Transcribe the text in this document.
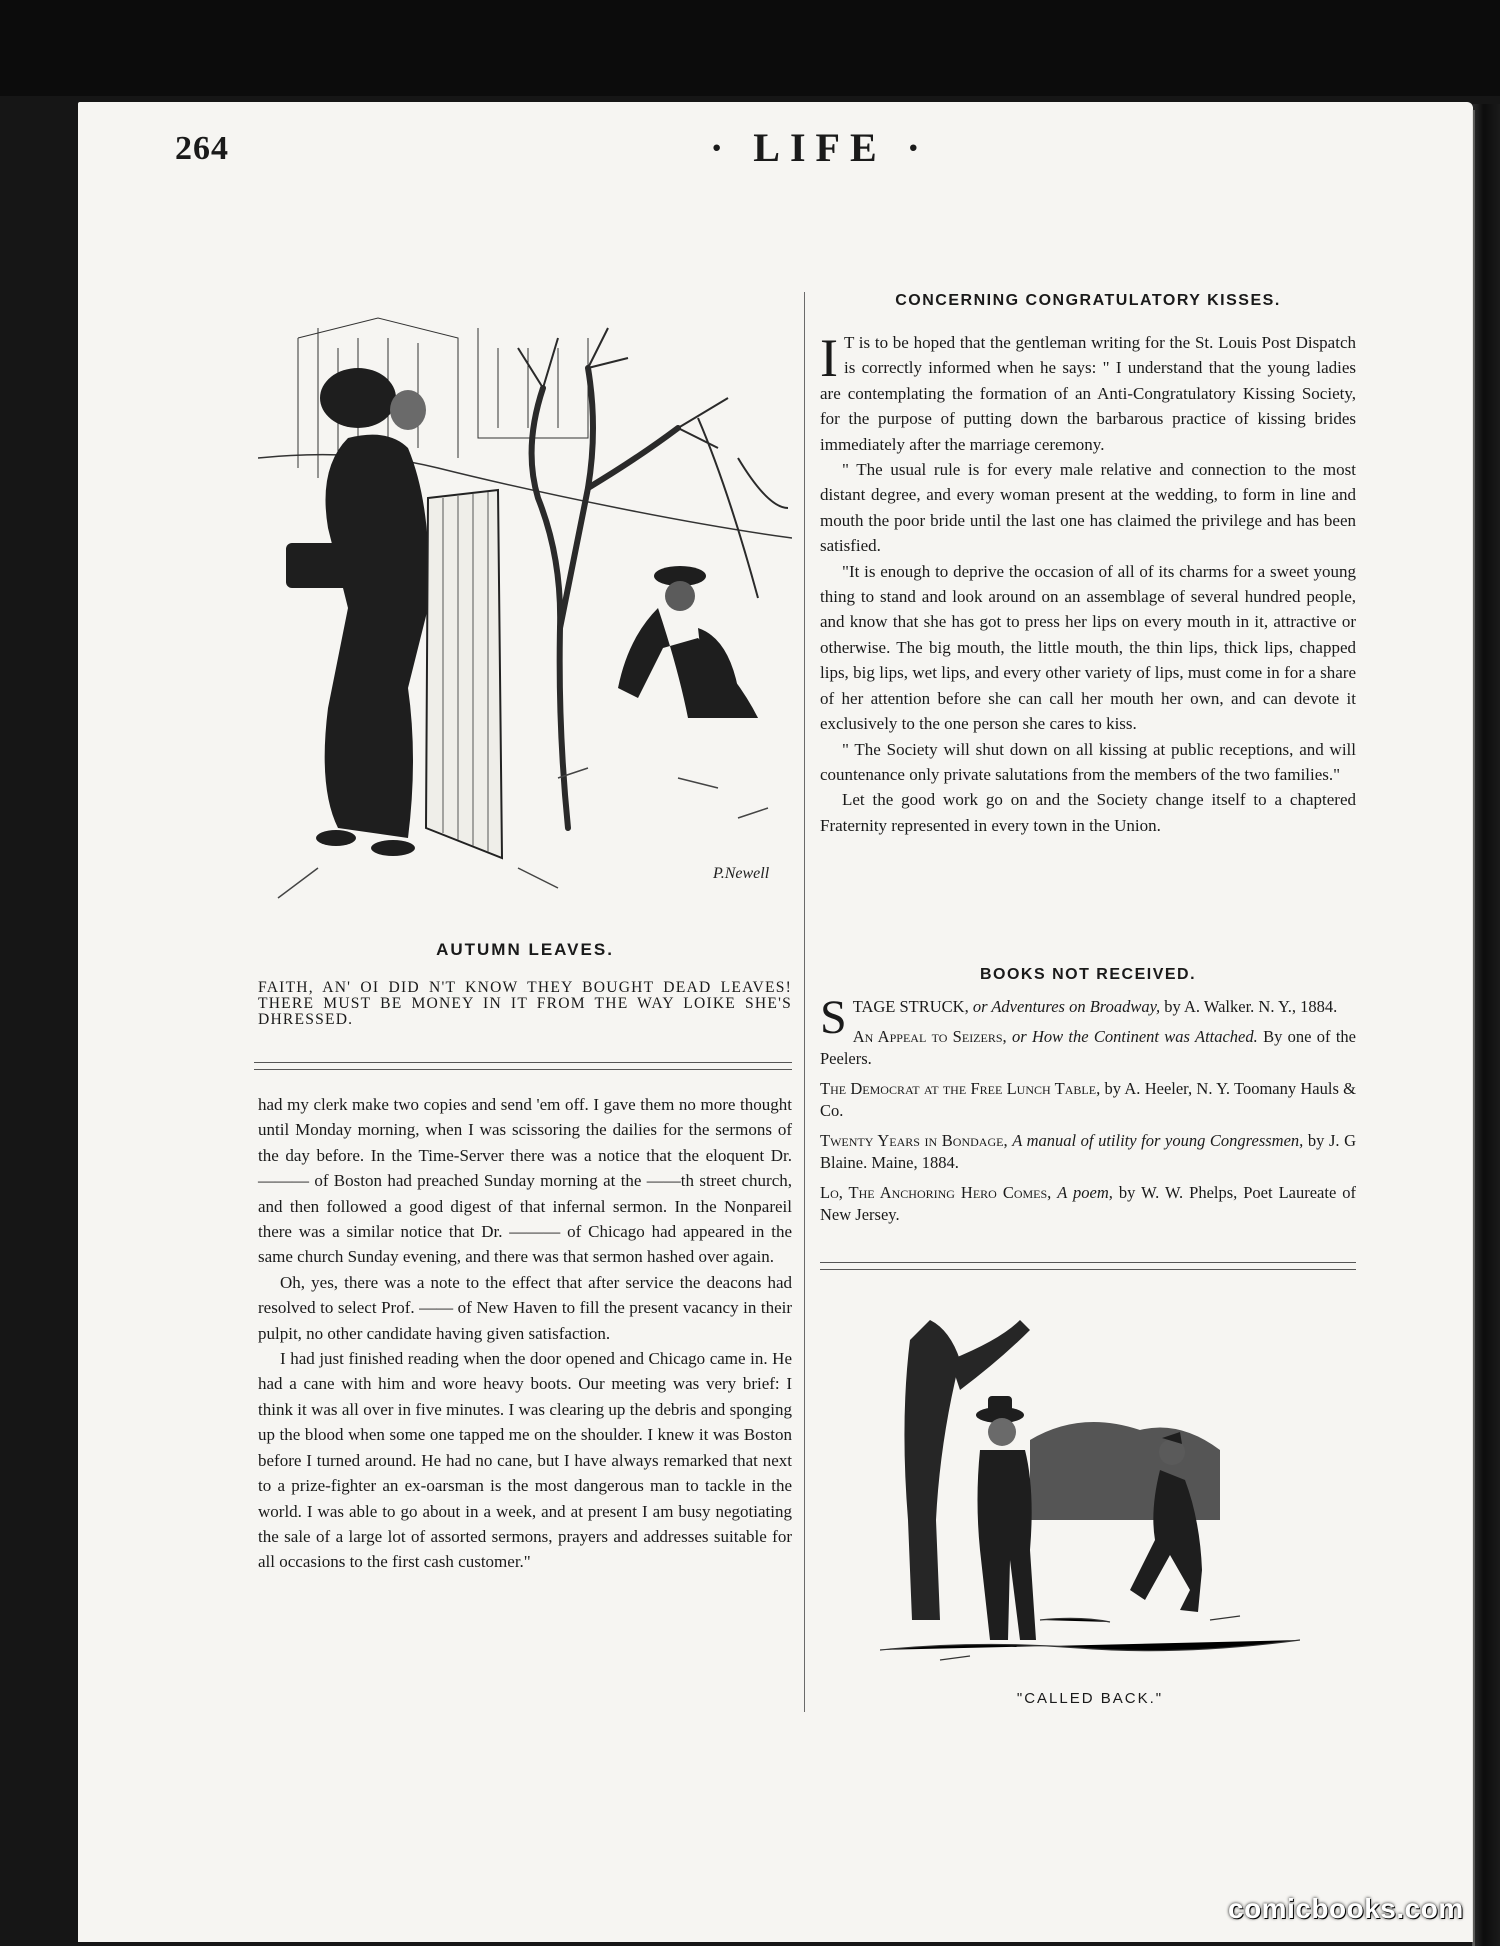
264	· LIFE ·
P.Newell
AUTUMN LEAVES.
FAITH, AN' OI DID N'T KNOW THEY BOUGHT DEAD LEAVES! THERE MUST BE MONEY IN IT FROM THE WAY LOIKE SHE'S DHRESSED.

had my clerk make two copies and send 'em off. I gave them no more thought until Monday morning, when I was scissoring the dailies for the sermons of the day before. In the Time-Server there was a notice that the eloquent Dr. ——— of Boston had preached Sunday morning at the ——th street church, and then followed a good digest of that infernal sermon. In the Nonpareil there was a similar notice that Dr. ——— of Chicago had appeared in the same church Sunday evening, and there was that sermon hashed over again.

Oh, yes, there was a note to the effect that after service the deacons had resolved to select Prof. —— of New Haven to fill the present vacancy in their pulpit, no other candidate having given satisfaction.

I had just finished reading when the door opened and Chicago came in. He had a cane with him and wore heavy boots. Our meeting was very brief: I think it was all over in five minutes. I was clearing up the debris and sponging up the blood when some one tapped me on the shoulder. I knew it was Boston before I turned around. He had no cane, but I have always remarked that next to a prize-fighter an ex-oarsman is the most dangerous man to tackle in the world. I was able to go about in a week, and at present I am busy negotiating the sale of a large lot of assorted sermons, prayers and addresses suitable for all occasions to the first cash customer."

CONCERNING CONGRATULATORY KISSES.

I T is to be hoped that the gentleman writing for the St. Louis Post Dispatch is correctly informed when he says: " I understand that the young ladies are contemplating the formation of an Anti-Congratulatory Kissing Society, for the purpose of putting down the barbarous practice of kissing brides immediately after the marriage ceremony.

" The usual rule is for every male relative and connection to the most distant degree, and every woman present at the wedding, to form in line and mouth the poor bride until the last one has claimed the privilege and has been satisfied.

"It is enough to deprive the occasion of all of its charms for a sweet young thing to stand and look around on an assemblage of several hundred people, and know that she has got to press her lips on every mouth in it, attractive or otherwise. The big mouth, the little mouth, the thin lips, thick lips, chapped lips, big lips, wet lips, and every other variety of lips, must come in for a share of her attention before she can call her mouth her own, and can devote it exclusively to the one person she cares to kiss.

" The Society will shut down on all kissing at public receptions, and will countenance only private salutations from the members of the two families."

Let the good work go on and the Society change itself to a chaptered Fraternity represented in every town in the Union.

BOOKS NOT RECEIVED.

STAGE STRUCK, or Adventures on Broadway, by A. Walker. N. Y., 1884.

An Appeal to Seizers, or How the Continent was Attached. By one of the Peelers.

The Democrat at the Free Lunch Table, by A. Heeler, N. Y. Toomany Hauls & Co.

Twenty Years in Bondage, A manual of utility for young Congressmen, by J. G Blaine. Maine, 1884.

Lo, The Anchoring Hero Comes, A poem, by W. W. Phelps, Poet Laureate of New Jersey.

"CALLED BACK."
comicbooks.com
